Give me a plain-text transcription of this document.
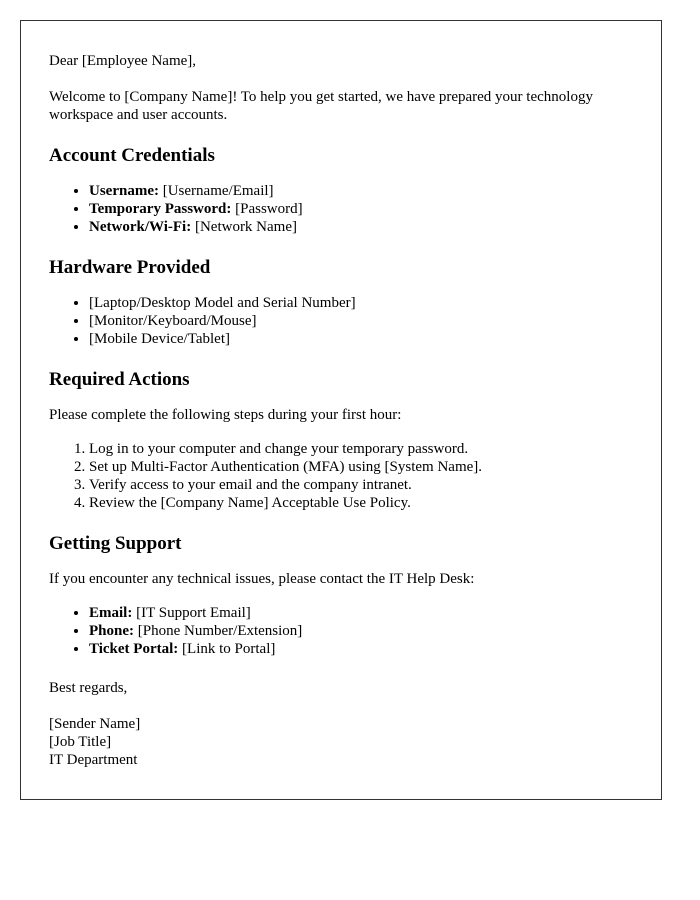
Dear [Employee Name],

Welcome to [Company Name]! To help you get started, we have prepared your technology workspace and user accounts.

Account Credentials
• Username: [Username/Email]
• Temporary Password: [Password]
• Network/Wi-Fi: [Network Name]
Hardware Provided
• [Laptop/Desktop Model and Serial Number]
• [Monitor/Keyboard/Mouse]
• [Mobile Device/Tablet]
Required Actions

Please complete the following steps during your first hour:

1. Log in to your computer and change your temporary password.
2. Set up Multi-Factor Authentication (MFA) using [System Name].
3. Verify access to your email and the company intranet.
4. Review the [Company Name] Acceptable Use Policy.
Getting Support

If you encounter any technical issues, please contact the IT Help Desk:

• Email: [IT Support Email]
• Phone: [Phone Number/Extension]
• Ticket Portal: [Link to Portal]

Best regards,

[Sender Name]

[Job Title]

IT Department
